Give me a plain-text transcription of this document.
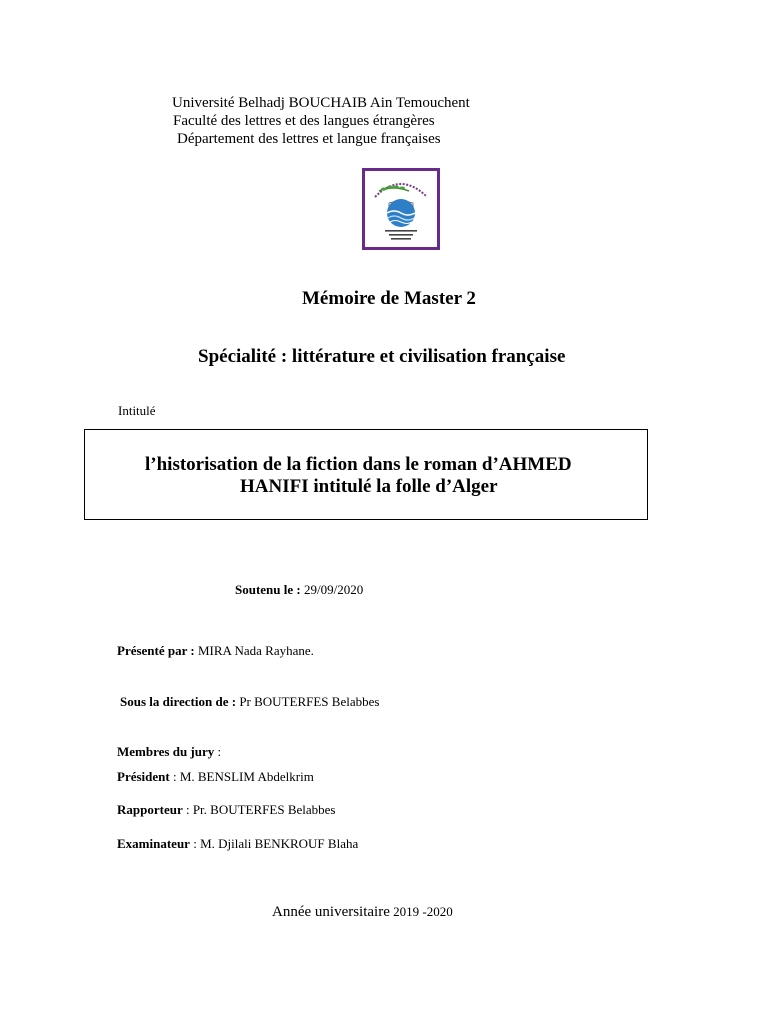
Université Belhadj BOUCHAIB Ain Temouchent
Faculté des lettres et des langues étrangères
Département des lettres et langue françaises
Mémoire de Master 2
Spécialité : littérature et civilisation française
Intitulé
l’historisation de la fiction dans le roman d’AHMED
HANIFI intitulé la folle d’Alger
Soutenu le : 29/09/2020
Présenté par : MIRA Nada Rayhane.
Sous la direction de : Pr BOUTERFES Belabbes
Membres du jury :
Président : M. BENSLIM Abdelkrim
Rapporteur : Pr. BOUTERFES Belabbes
Examinateur : M. Djilali BENKROUF Blaha
Année universitaire 2019 -2020
